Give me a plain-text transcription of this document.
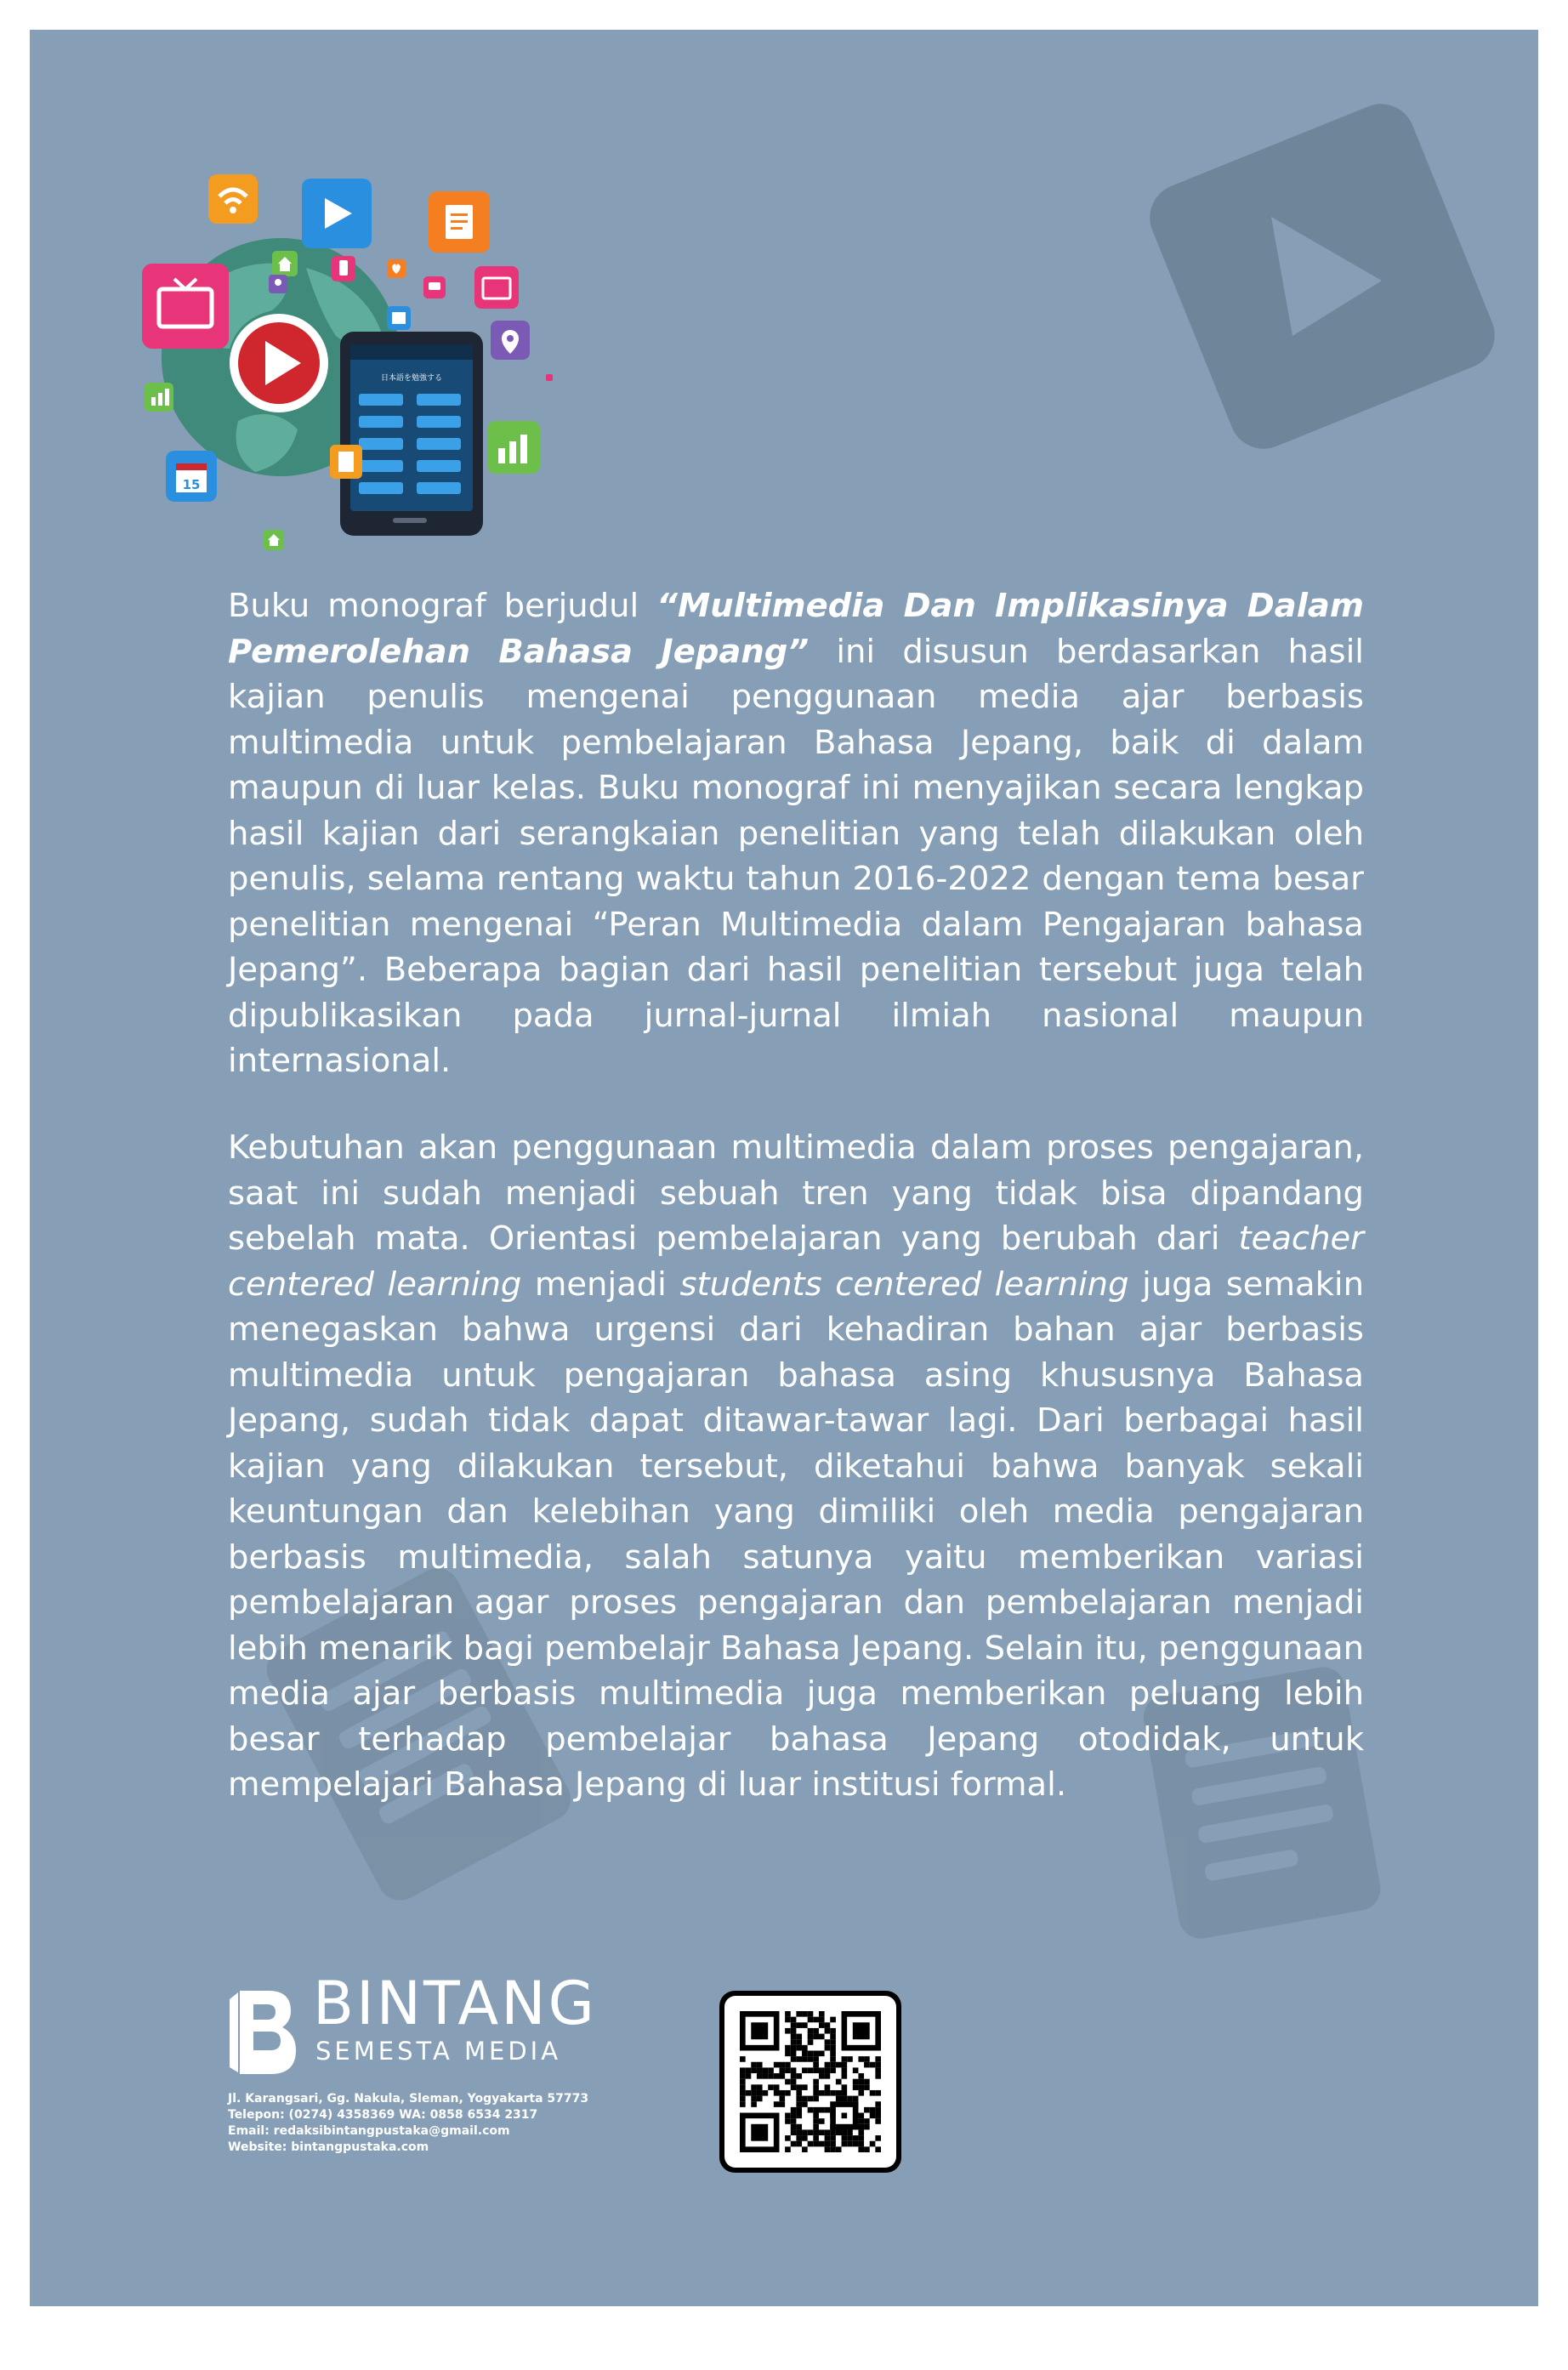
日本語を勉強する
15

Buku monograf berjudul “Multimedia Dan Implikasinya Dalam Pemerolehan Bahasa Jepang” ini disusun berdasarkan hasil kajian penulis mengenai penggunaan media ajar berbasis multimedia untuk pembelajaran Bahasa Jepang, baik di dalam maupun di luar kelas. Buku monograf ini menyajikan secara lengkap hasil kajian dari serangkaian penelitian yang telah dilakukan oleh penulis, selama rentang waktu tahun 2016-2022 dengan tema besar penelitian mengenai “Peran Multimedia dalam Pengajaran bahasa Jepang”. Beberapa bagian dari hasil penelitian tersebut juga telah dipublikasikan pada jurnal-jurnal ilmiah nasional maupun internasional.

Kebutuhan akan penggunaan multimedia dalam proses pengajaran, saat ini sudah menjadi sebuah tren yang tidak bisa dipandang sebelah mata. Orientasi pembelajaran yang berubah dari teacher centered learning menjadi students centered learning juga semakin menegaskan bahwa urgensi dari kehadiran bahan ajar berbasis multimedia untuk pengajaran bahasa asing khususnya Bahasa Jepang, sudah tidak dapat ditawar-tawar lagi. Dari berbagai hasil kajian yang dilakukan tersebut, diketahui bahwa banyak sekali keuntungan dan kelebihan yang dimiliki oleh media pengajaran berbasis multimedia, salah satunya yaitu memberikan variasi pembelajaran agar proses pengajaran dan pembelajaran menjadi lebih menarik bagi pembelajr Bahasa Jepang. Selain itu, penggunaan media ajar berbasis multimedia juga memberikan peluang lebih besar terhadap pembelajar bahasa Jepang otodidak, untuk mempelajari Bahasa Jepang di luar institusi formal.

BINTANG

SEMESTA MEDIA

Jl. Karangsari, Gg. Nakula, Sleman, Yogyakarta 57773

Telepon: (0274) 4358369 WA: 0858 6534 2317

Email: redaksibintangpustaka@gmail.com

Website: bintangpustaka.com
